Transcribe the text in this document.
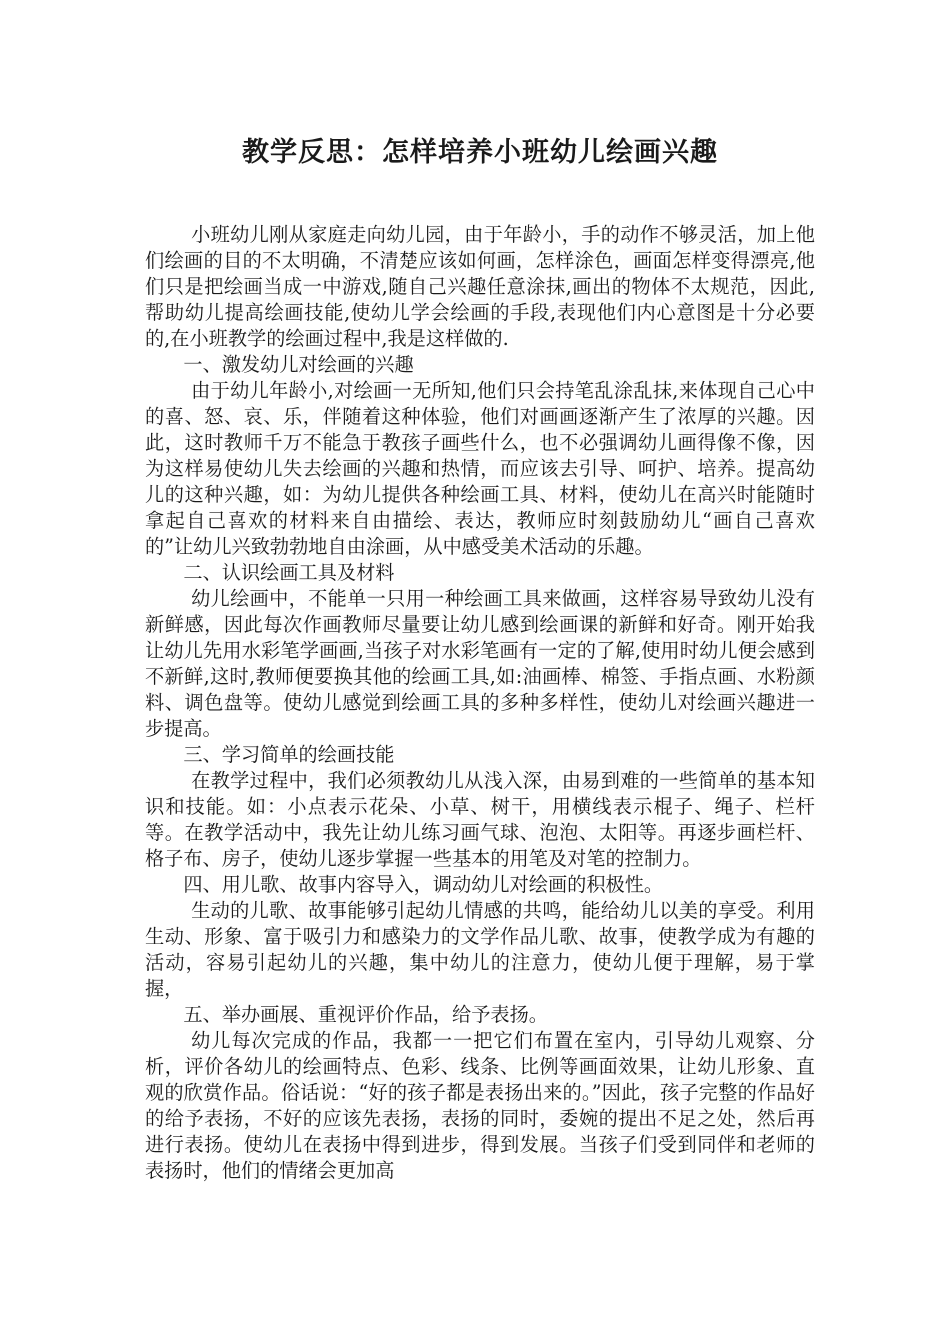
教学反思：怎样培养小班幼儿绘画兴趣

小班幼儿刚从家庭走向幼儿园，由于年龄小，手的动作不够灵活，加上他们绘画的目的不太明确，不清楚应该如何画，怎样涂色，画面怎样变得漂亮,他们只是把绘画当成一中游戏,随自己兴趣任意涂抹,画出的物体不太规范，因此,帮助幼儿提高绘画技能,使幼儿学会绘画的手段,表现他们内心意图是十分必要的,在小班教学的绘画过程中,我是这样做的.

一、激发幼儿对绘画的兴趣

由于幼儿年龄小,对绘画一无所知,他们只会持笔乱涂乱抹,来体现自己心中的喜、怒、哀、乐，伴随着这种体验，他们对画画逐渐产生了浓厚的兴趣。因此，这时教师千万不能急于教孩子画些什么，也不必强调幼儿画得像不像，因为这样易使幼儿失去绘画的兴趣和热情，而应该去引导、呵护、培养。提高幼儿的这种兴趣，如：为幼儿提供各种绘画工具、材料，使幼儿在高兴时能随时拿起自己喜欢的材料来自由描绘、表达，教师应时刻鼓励幼儿“画自己喜欢的”让幼儿兴致勃勃地自由涂画，从中感受美术活动的乐趣。

二、认识绘画工具及材料

幼儿绘画中，不能单一只用一种绘画工具来做画，这样容易导致幼儿没有新鲜感，因此每次作画教师尽量要让幼儿感到绘画课的新鲜和好奇。刚开始我让幼儿先用水彩笔学画画,当孩子对水彩笔画有一定的了解,使用时幼儿便会感到不新鲜,这时,教师便要换其他的绘画工具,如:油画棒、棉签、手指点画、水粉颜料、调色盘等。使幼儿感觉到绘画工具的多种多样性，使幼儿对绘画兴趣进一步提高。

三、学习简单的绘画技能

在教学过程中，我们必须教幼儿从浅入深，由易到难的一些简单的基本知识和技能。如：小点表示花朵、小草、树干，用横线表示棍子、绳子、栏杆等。在教学活动中，我先让幼儿练习画气球、泡泡、太阳等。再逐步画栏杆、格子布、房子，使幼儿逐步掌握一些基本的用笔及对笔的控制力。

四、用儿歌、故事内容导入，调动幼儿对绘画的积极性。

生动的儿歌、故事能够引起幼儿情感的共鸣，能给幼儿以美的享受。利用生动、形象、富于吸引力和感染力的文学作品儿歌、故事，使教学成为有趣的活动，容易引起幼儿的兴趣，集中幼儿的注意力，使幼儿便于理解，易于掌握，

五、举办画展、重视评价作品，给予表扬。

幼儿每次完成的作品，我都一一把它们布置在室内，引导幼儿观察、分析，评价各幼儿的绘画特点、色彩、线条、比例等画面效果，让幼儿形象、直观的欣赏作品。俗话说：“好的孩子都是表扬出来的。”因此，孩子完整的作品好的给予表扬，不好的应该先表扬，表扬的同时，委婉的提出不足之处，然后再进行表扬。使幼儿在表扬中得到进步，得到发展。当孩子们受到同伴和老师的表扬时，他们的情绪会更加高
